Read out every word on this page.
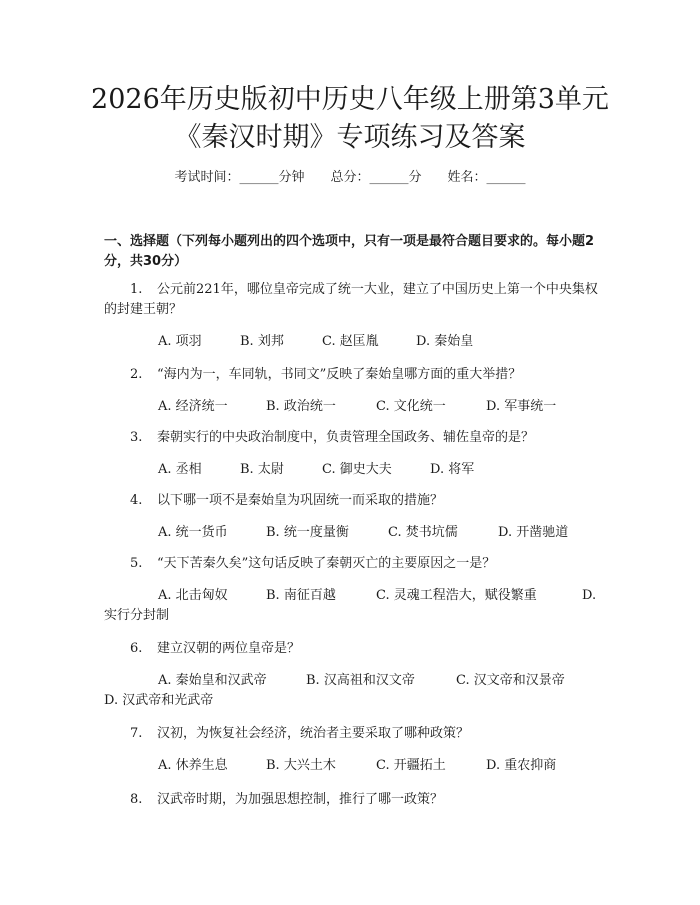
2026年历史版初中历史八年级上册第3单元
《秦汉时期》专项练习及答案
考试时间：______分钟 总分：______分 姓名：______
一、选择题（下列每小题列出的四个选项中，只有一项是最符合题目要求的。每小题2分，共30分）
1. 公元前221年，哪位皇帝完成了统一大业，建立了中国历史上第一个中央集权的封建王朝？
A. 项羽	B. 刘邦	C. 赵匡胤	D. 秦始皇
2. “海内为一，车同轨，书同文”反映了秦始皇哪方面的重大举措？
A. 经济统一	B. 政治统一	C. 文化统一	D. 军事统一
3. 秦朝实行的中央政治制度中，负责管理全国政务、辅佐皇帝的是？
A. 丞相	B. 太尉	C. 御史大夫	D. 将军
4. 以下哪一项不是秦始皇为巩固统一而采取的措施？
A. 统一货币	B. 统一度量衡	C. 焚书坑儒	D. 开凿驰道
5. “天下苦秦久矣”这句话反映了秦朝灭亡的主要原因之一是？
A. 北击匈奴	B. 南征百越	C. 灵魂工程浩大，赋役繁重	D.
实行分封制
6. 建立汉朝的两位皇帝是？
A. 秦始皇和汉武帝	B. 汉高祖和汉文帝	C. 汉文帝和汉景帝
D. 汉武帝和光武帝
7. 汉初，为恢复社会经济，统治者主要采取了哪种政策？
A. 休养生息	B. 大兴土木	C. 开疆拓土	D. 重农抑商
8. 汉武帝时期，为加强思想控制，推行了哪一政策？
